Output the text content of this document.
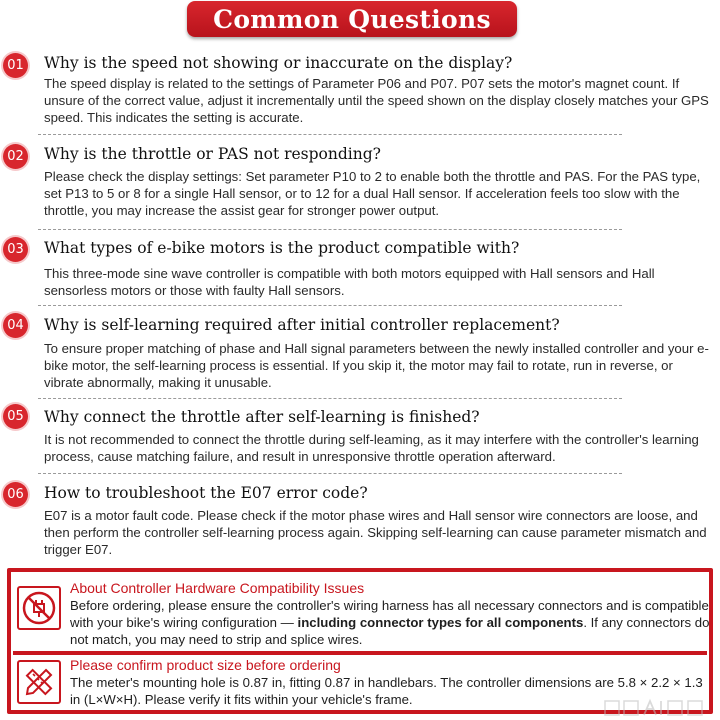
Common Questions
01 Why is the speed not showing or inaccurate on the display?
The speed display is related to the settings of Parameter P06 and P07. P07 sets the motor's magnet count. If unsure of the correct value, adjust it incrementally until the speed shown on the display closely matches your GPS speed. This indicates the setting is accurate.
02 Why is the throttle or PAS not responding?
Please check the display settings: Set parameter P10 to 2 to enable both the throttle and PAS. For the PAS type, set P13 to 5 or 8 for a single Hall sensor, or to 12 for a dual Hall sensor. If acceleration feels too slow with the throttle, you may increase the assist gear for stronger power output.
03 What types of e-bike motors is the product compatible with?
This three-mode sine wave controller is compatible with both motors equipped with Hall sensors and Hall sensorless motors or those with faulty Hall sensors.
04 Why is self-learning required after initial controller replacement?
To ensure proper matching of phase and Hall signal parameters between the newly installed controller and your e-bike motor, the self-learning process is essential. If you skip it, the motor may fail to rotate, run in reverse, or vibrate abnormally, making it unusable.
05 Why connect the throttle after self-learning is finished?
It is not recommended to connect the throttle during self-leaming, as it may interfere with the controller's learning process, cause matching failure, and result in unresponsive throttle operation afterward.
06 How to troubleshoot the E07 error code?
E07 is a motor fault code. Please check if the motor phase wires and Hall sensor wire connectors are loose, and then perform the controller self-learning process again. Skipping self-learning can cause parameter mismatch and trigger E07.
About Controller Hardware Compatibility Issues
Before ordering, please ensure the controller's wiring harness has all necessary connectors and is compatible with your bike's wiring configuration — including connector types for all components. If any connectors do not match, you may need to strip and splice wires.
Please confirm product size before ordering
The meter's mounting hole is 0.87 in, fitting 0.87 in handlebars. The controller dimensions are 5.8 × 2.2 × 1.3 in (L×W×H). Please verify it fits within your vehicle's frame.
